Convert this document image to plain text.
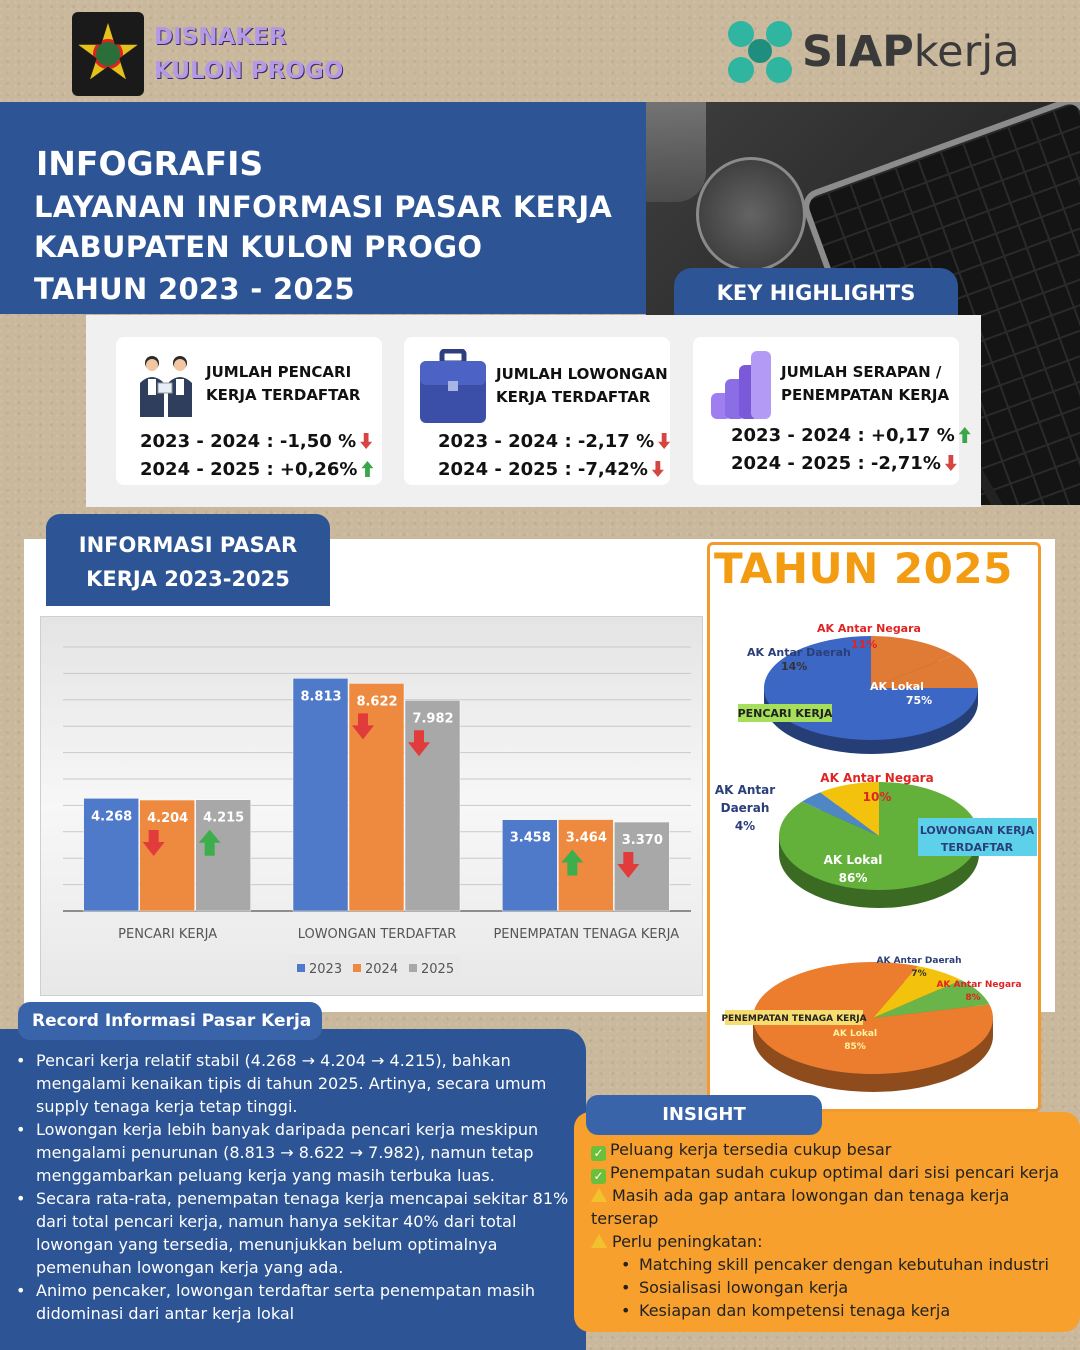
DISNAKER
KULON PROGO	SIAPkerja
INFOGRAFIS
LAYANAN INFORMASI PASAR KERJA
KABUPATEN KULON PROGO
TAHUN 2023 - 2025	KEY HIGHLIGHTS
JUMLAH PENCARI
KERJA TERDAFTAR
2023 - 2024 : -1,50 %
2024 - 2025 : +0,26%
JUMLAH LOWONGAN
KERJA TERDAFTAR
2023 - 2024 : -2,17 %
2024 - 2025 : -7,42%
JUMLAH SERAPAN /
PENEMPATAN KERJA
2023 - 2024 : +0,17 %
2024 - 2025 : -2,71%
INFORMASI PASAR
KERJA 2023-2025
4.268 4.204 4.215
PENCARI KERJA
8.813 8.622
7.982
LOWONGAN TERDAFTAR
3.458 3.464 3.370
PENEMPATAN TENAGA KERJA
2023 2024 2025
TAHUN 2025
AK Lokal
75%
AK Antar Daerah
14%
AK Antar Negara
11%
PENCARI KERJA
AK Lokal
86%
AK Antar
Daerah
4%
AK Antar Negara
10%
LOWONGAN KERJA
TERDAFTAR
AK Lokal
85%
AK Antar Daerah
7%
AK Antar Negara
8%
PENEMPATAN TENAGA KERJA
Record Informasi Pasar Kerja
• Pencari kerja relatif stabil (4.268 → 4.204 → 4.215), bahkan mengalami kenaikan tipis di tahun 2025. Artinya, secara umum supply tenaga kerja tetap tinggi.
• Lowongan kerja lebih banyak daripada pencari kerja meskipun mengalami penurunan (8.813 → 8.622 → 7.982), namun tetap menggambarkan peluang kerja yang masih terbuka luas.
• Secara rata-rata, penempatan tenaga kerja mencapai sekitar 81% dari total pencari kerja, namun hanya sekitar 40% dari total lowongan yang tersedia, menunjukkan belum optimalnya pemenuhan lowongan kerja yang ada.
• Animo pencaker, lowongan terdaftar serta penempatan masih didominasi dari antar kerja lokal
INSIGHT
✓ Peluang kerja tersedia cukup besar
✓ Penempatan sudah cukup optimal dari sisi pencari kerja
Masih ada gap antara lowongan dan tenaga kerja terserap
Perlu peningkatan:
• Matching skill pencaker dengan kebutuhan industri
• Sosialisasi lowongan kerja
• Kesiapan dan kompetensi tenaga kerja
